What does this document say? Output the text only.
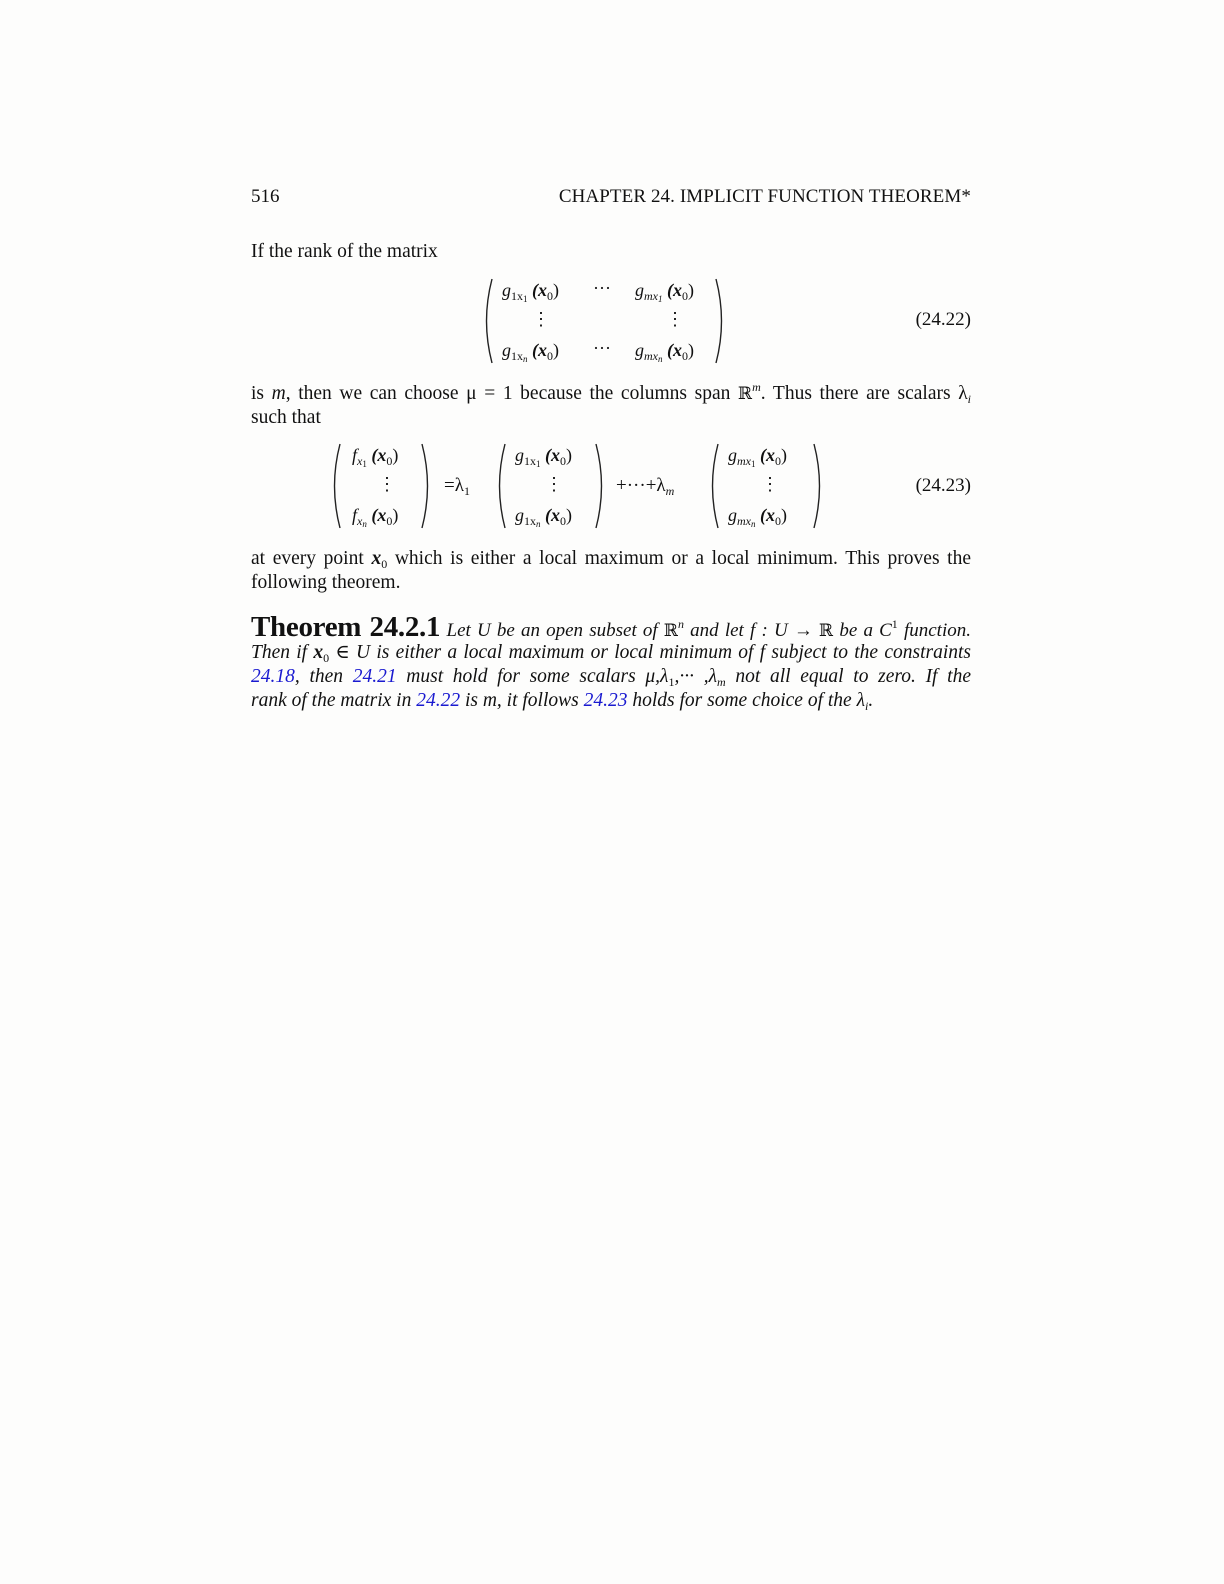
516	CHAPTER 24. IMPLICIT FUNCTION THEOREM*
If the rank of the matrix
$g_{1x_1}$ $(x_0)$ ··· $g_{mx_1}$ $(x_0)$
⋮	⋮
$g_{1x_n}$ $(x_0)$ ··· $g_{mx_n}$ $(x_0)$
(24.22)
is m, then we can choose μ = 1 because the columns span ℝ$^m$. Thus there are scalars $\lambda_i$
such that
$f_{x_1}$ $(x_0)$
⋮
$f_{x_n}$ $(x_0)$
$=\lambda_1$
$g_{1x_1}$ $(x_0)$
⋮
$g_{1x_n}$ $(x_0)$
$+\cdot\cdot\cdot+\lambda_m$
$g_{mx_1}$ $(x_0)$
⋮
$g_{mx_n}$ $(x_0)$
(24.23)
at every point $x_0$ which is either a local maximum or a local minimum. This proves the
following theorem.
Theorem 24.2.1 Let U be an open subset of ℝ$^n$ and let f : U → ℝ be a $C^1$ function.
Then if $x_0$ ∈ U is either a local maximum or local minimum of f subject to the constraints
24.18, then 24.21 must hold for some scalars $\mu,\lambda_1,\cdot\cdot\cdot ,\lambda_m$ not all equal to zero. If the
rank of the matrix in 24.22 is m, it follows 24.23 holds for some choice of the $\lambda_i$.
